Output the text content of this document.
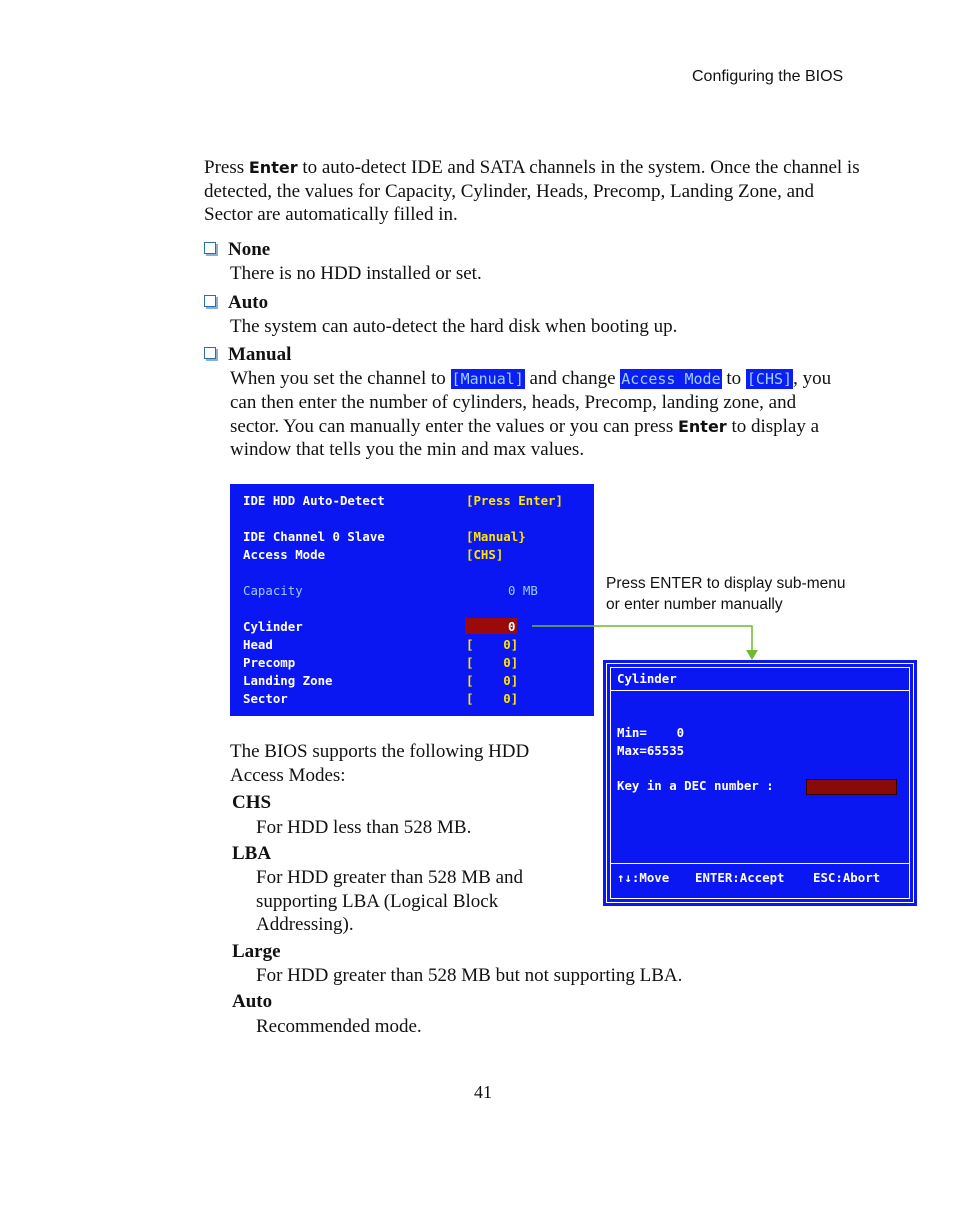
Configuring the BIOS
Press Enter to auto-detect IDE and SATA channels in the system. Once the channel is detected, the values for Capacity, Cylinder, Heads, Precomp, Landing Zone, and Sector are automatically filled in.
None
There is no HDD installed or set.
Auto
The system can auto-detect the hard disk when booting up.
Manual
When you set the channel to [Manual] and change Access Mode to [CHS], you can then enter the number of cylinders, heads, Precomp, landing zone, and sector. You can manually enter the values or you can press Enter to display a window that tells you the min and max values.
IDE HDD Auto-Detect	[Press Enter]
IDE Channel 0 Slave	[Manual}
Access Mode	[CHS]
Capacity	0 MB
Cylinder	0
Head	[    0]
Precomp	[    0]
Landing Zone	[    0]
Sector	[    0]
Press ENTER to display sub-menu
or enter number manually
Cylinder
Min=    0
Max=65535
Key in a DEC number :
↑↓:Move ENTER:Accept ESC:Abort
The BIOS supports the following HDD Access Modes:
CHS
For HDD less than 528 MB.
LBA
For HDD greater than 528 MB and supporting LBA (Logical Block Addressing).
Large
For HDD greater than 528 MB but not supporting LBA.
Auto
Recommended mode.
41
